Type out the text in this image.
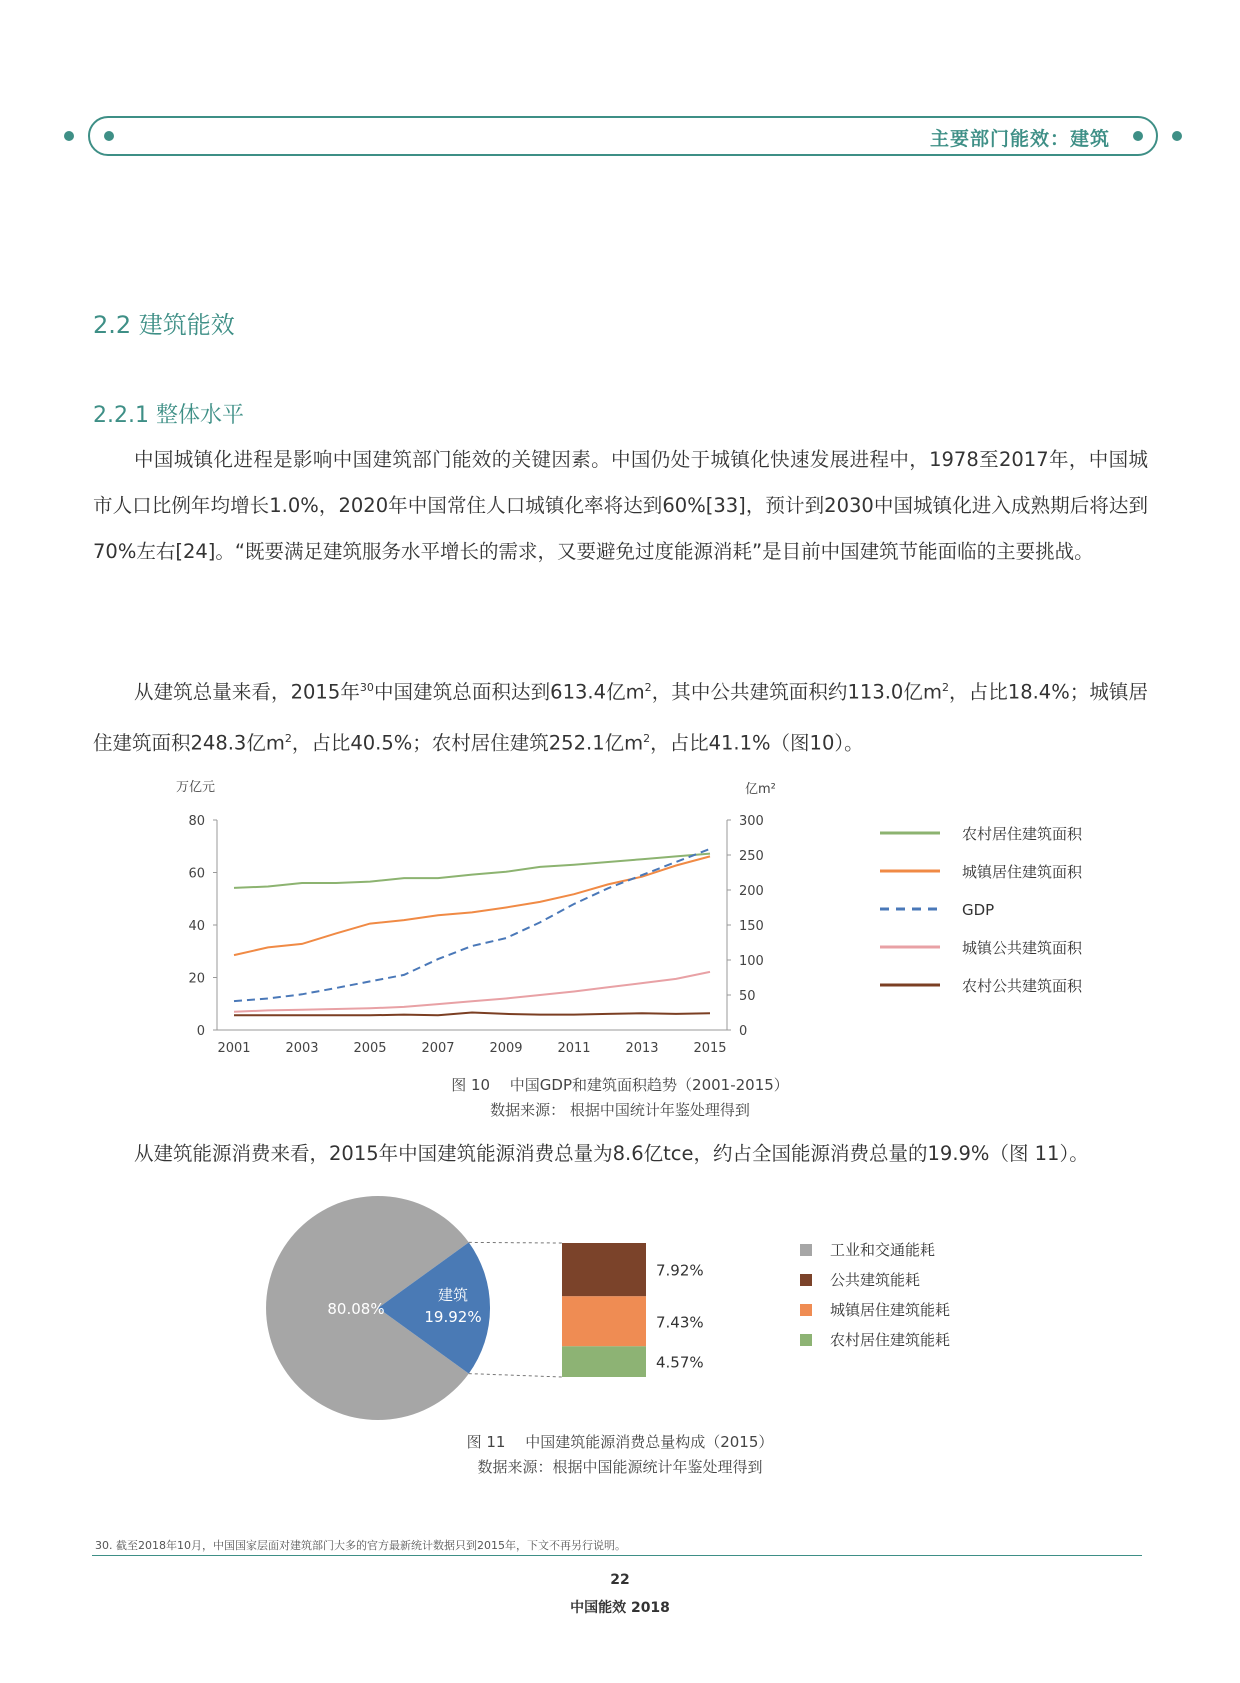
主要部门能效：建筑
2.2 建筑能效
2.2.1 整体水平

中国城镇化进程是影响中国建筑部门能效的关键因素。中国仍处于城镇化快速发展进程中，1978至2017年，中国城市人口比例年均增长1.0%，2020年中国常住人口城镇化率将达到60%[33]，预计到2030中国城镇化进入成熟期后将达到70%左右[24]。“既要满足建筑服务水平增长的需求，又要避免过度能源消耗”是目前中国建筑节能面临的主要挑战。

从建筑总量来看，2015年$^{30}$中国建筑总面积达到613.4亿$m^2$，其中公共建筑面积约113.0亿$m^2$，占比18.4%；城镇居住建筑面积248.3亿$m^2$，占比40.5%；农村居住建筑252.1亿$m^2$，占比41.1%（图10）。

万亿元	亿m²
0
20
40
60
80
0
50
100
150
200
250
300
2001	2003	2005	2007	2009	2011	2013	2015
农村居住建筑面积
城镇居住建筑面积
GDP
城镇公共建筑面积
农村公共建筑面积
图 10　 中国GDP和建筑面积趋势（2001-2015）
数据来源： 根据中国统计年鉴处理得到

从建筑能源消费来看，2015年中国建筑能源消费总量为8.6亿tce，约占全国能源消费总量的19.9%（图 11）。

80.08%
建筑
19.92%
7.92%
7.43%
4.57%
工业和交通能耗
公共建筑能耗
城镇居住建筑能耗
农村居住建筑能耗
图 11　 中国建筑能源消费总量构成（2015）
数据来源：根据中国能源统计年鉴处理得到
30. 截至2018年10月，中国国家层面对建筑部门大多的官方最新统计数据只到2015年，下文不再另行说明。
22
中国能效 2018
